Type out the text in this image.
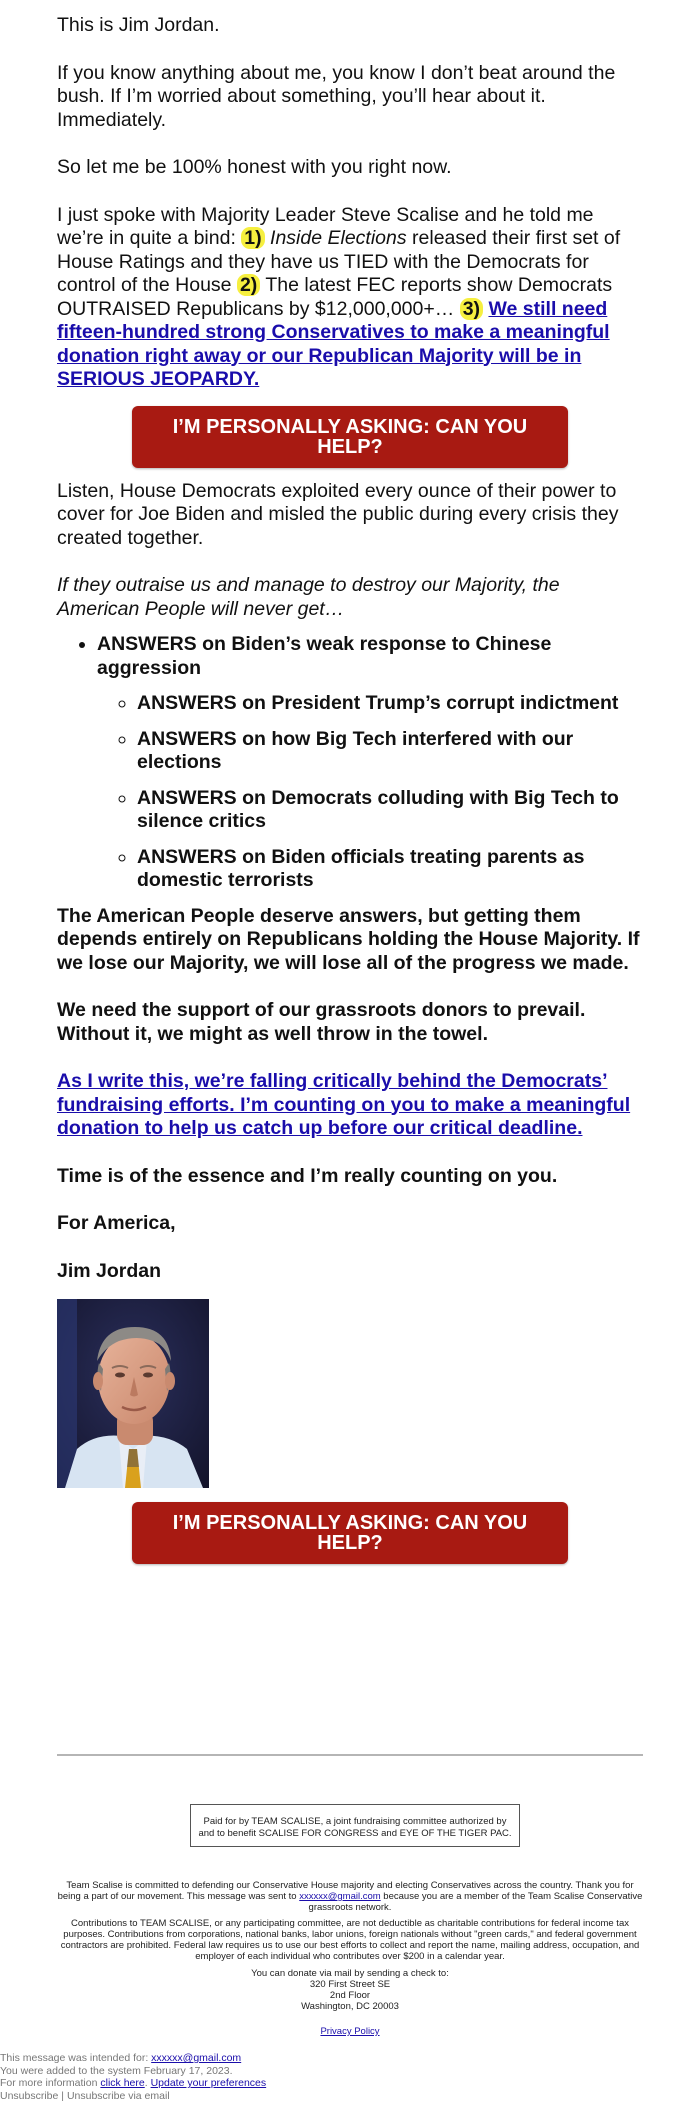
This is Jim Jordan.

If you know anything about me, you know I don’t beat around the bush. If I’m worried about something, you’ll hear about it. Immediately.

So let me be 100% honest with you right now.

I just spoke with Majority Leader Steve Scalise and he told me we’re in quite a bind: 1) Inside Elections released their first set of House Ratings and they have us TIED with the Democrats for control of the House 2) The latest FEC reports show Democrats OUTRAISED Republicans by $12,000,000+… 3) We still need fifteen-hundred strong Conservatives to make a meaningful donation right away or our Republican Majority will be in SERIOUS JEOPARDY.

I’M PERSONALLY ASKING: CAN YOU HELP?

Listen, House Democrats exploited every ounce of their power to cover for Joe Biden and misled the public during every crisis they created together.

If they outraise us and manage to destroy our Majority, the American People will never get…

• ANSWERS on Biden’s weak response to Chinese aggression
◦ ANSWERS on President Trump’s corrupt indictment
◦ ANSWERS on how Big Tech interfered with our elections
◦ ANSWERS on Democrats colluding with Big Tech to silence critics
◦ ANSWERS on Biden officials treating parents as domestic terrorists

The American People deserve answers, but getting them depends entirely on Republicans holding the House Majority. If we lose our Majority, we will lose all of the progress we made.

We need the support of our grassroots donors to prevail. Without it, we might as well throw in the towel.

As I write this, we’re falling critically behind the Democrats’ fundraising efforts. I’m counting on you to make a meaningful donation to help us catch up before our critical deadline.

Time is of the essence and I’m really counting on you.

For America,

Jim Jordan

I’M PERSONALLY ASKING: CAN YOU HELP?
Paid for by TEAM SCALISE, a joint fundraising committee authorized by and to benefit SCALISE FOR CONGRESS and EYE OF THE TIGER PAC.
Team Scalise is committed to defending our Conservative House majority and electing Conservatives across the country. Thank you for being a part of our movement. This message was sent to xxxxxx@gmail.com because you are a member of the Team Scalise Conservative grassroots network.
Contributions to TEAM SCALISE, or any participating committee, are not deductible as charitable contributions for federal income tax purposes. Contributions from corporations, national banks, labor unions, foreign nationals without "green cards," and federal government contractors are prohibited. Federal law requires us to use our best efforts to collect and report the name, mailing address, occupation, and employer of each individual who contributes over $200 in a calendar year.
You can donate via mail by sending a check to:
320 First Street SE
2nd Floor
Washington, DC 20003
Privacy Policy
This message was intended for: xxxxxx@gmail.com
You were added to the system February 17, 2023.
For more information click here. Update your preferences
Unsubscribe | Unsubscribe via email
